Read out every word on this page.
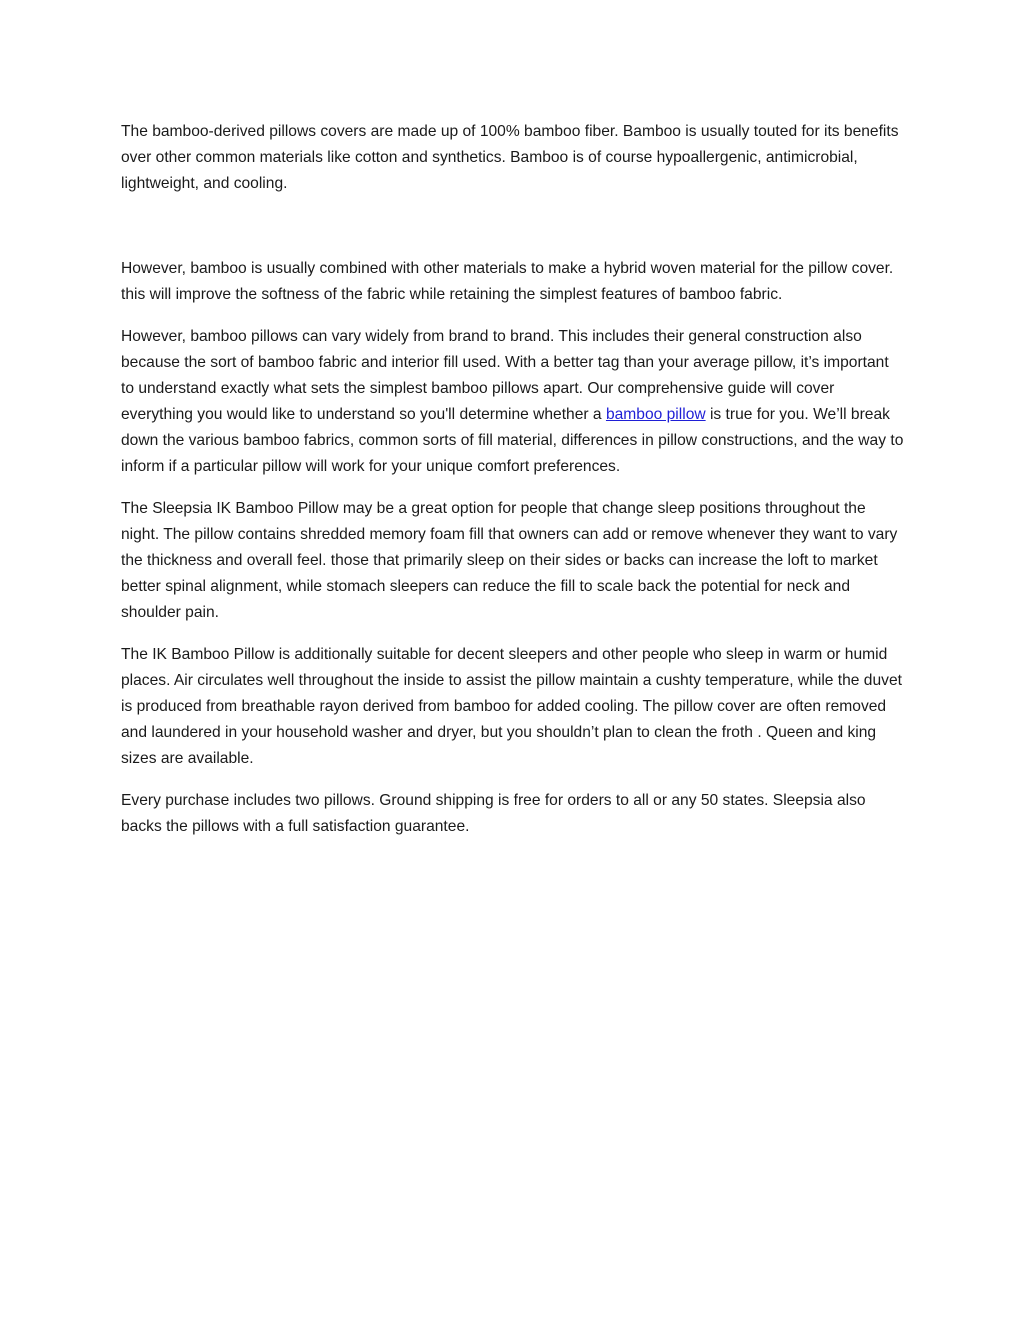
The bamboo-derived pillows covers are made up of 100% bamboo fiber. Bamboo is usually touted for its benefits over other common materials like cotton and synthetics. Bamboo is of course hypoallergenic, antimicrobial, lightweight, and cooling.

However, bamboo is usually combined with other materials to make a hybrid woven material for the pillow cover. this will improve the softness of the fabric while retaining the simplest features of bamboo fabric.

However, bamboo pillows can vary widely from brand to brand. This includes their general construction also because the sort of bamboo fabric and interior fill used. With a better tag than your average pillow, it’s important to understand exactly what sets the simplest bamboo pillows apart. Our comprehensive guide will cover everything you would like to understand so you'll determine whether a bamboo pillow is true for you. We’ll break down the various bamboo fabrics, common sorts of fill material, differences in pillow constructions, and the way to inform if a particular pillow will work for your unique comfort preferences.

The Sleepsia IK Bamboo Pillow may be a great option for people that change sleep positions throughout the night. The pillow contains shredded memory foam fill that owners can add or remove whenever they want to vary the thickness and overall feel. those that primarily sleep on their sides or backs can increase the loft to market better spinal alignment, while stomach sleepers can reduce the fill to scale back the potential for neck and shoulder pain.

The IK Bamboo Pillow is additionally suitable for decent sleepers and other people who sleep in warm or humid places. Air circulates well throughout the inside to assist the pillow maintain a cushty temperature, while the duvet is produced from breathable rayon derived from bamboo for added cooling. The pillow cover are often removed and laundered in your household washer and dryer, but you shouldn’t plan to clean the froth . Queen and king sizes are available.

Every purchase includes two pillows. Ground shipping is free for orders to all or any 50 states. Sleepsia also backs the pillows with a full satisfaction guarantee.
